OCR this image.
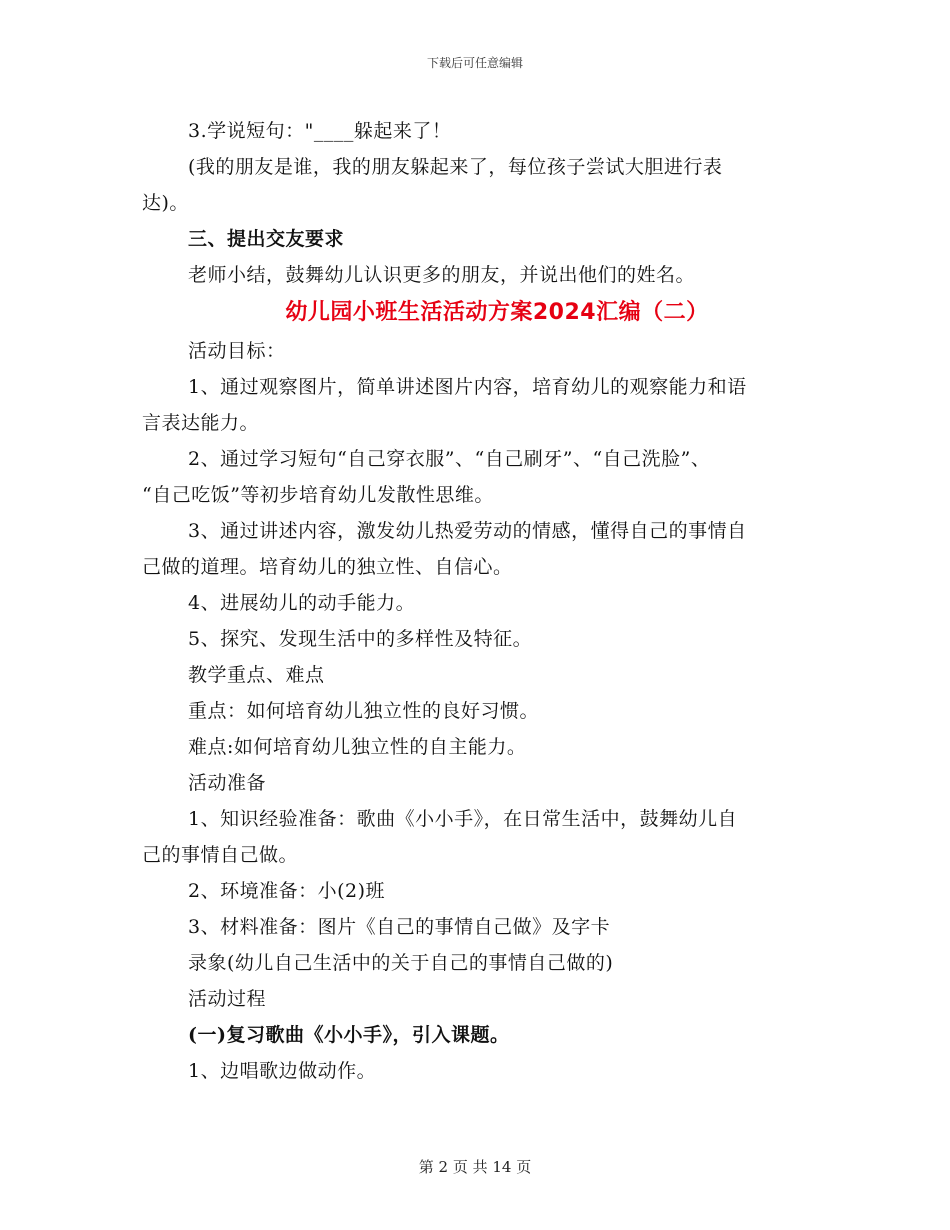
下载后可任意编辑

3.学说短句："____躲起来了！

(我的朋友是谁，我的朋友躲起来了，每位孩子尝试大胆进行表

达)。

三、提出交友要求

老师小结，鼓舞幼儿认识更多的朋友，并说出他们的姓名。

幼儿园小班生活活动方案2024汇编（二）

活动目标：

1、通过观察图片，简单讲述图片内容，培育幼儿的观察能力和语

言表达能力。

2、通过学习短句“自己穿衣服”、“自己刷牙”、“自己洗脸”、

“自己吃饭”等初步培育幼儿发散性思维。

3、通过讲述内容，激发幼儿热爱劳动的情感，懂得自己的事情自

己做的道理。培育幼儿的独立性、自信心。

4、进展幼儿的动手能力。

5、探究、发现生活中的多样性及特征。

教学重点、难点

重点：如何培育幼儿独立性的良好习惯。

难点:如何培育幼儿独立性的自主能力。

活动准备

1、知识经验准备：歌曲《小小手》，在日常生活中，鼓舞幼儿自

己的事情自己做。

2、环境准备：小(2)班

3、材料准备：图片《自己的事情自己做》及字卡

录象(幼儿自己生活中的关于自己的事情自己做的)

活动过程

(一)复习歌曲《小小手》，引入课题。

1、边唱歌边做动作。

第 2 页 共 14 页
